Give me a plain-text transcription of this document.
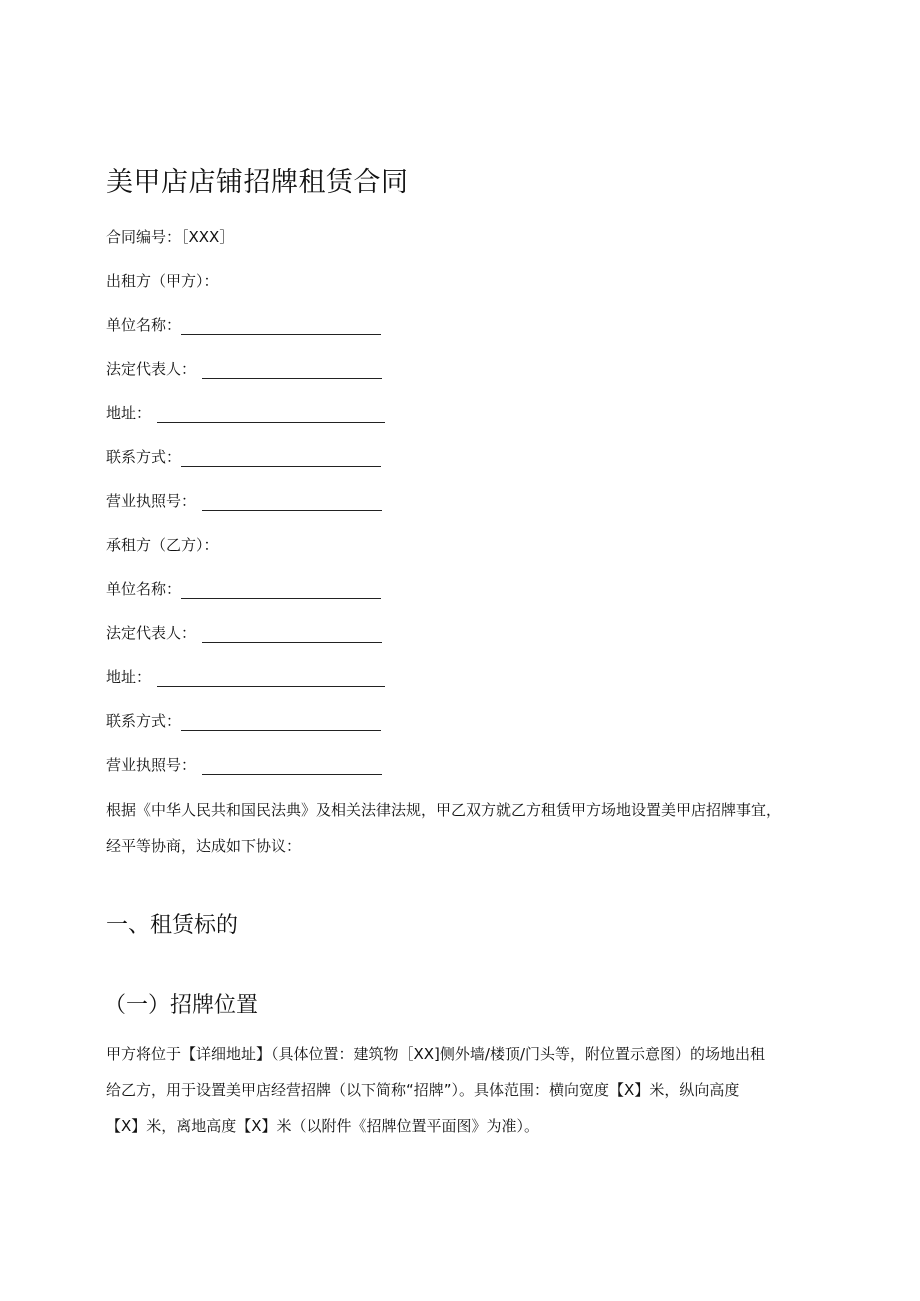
美甲店店铺招牌租赁合同
合同编号：［XXX］
出租方（甲方）：
单位名称：
法定代表人：
地址：
联系方式：
营业执照号：
承租方（乙方）：
单位名称：
法定代表人：
地址：
联系方式：
营业执照号：
根据《中华人民共和国民法典》及相关法律法规，甲乙双方就乙方租赁甲方场地设置美甲店招牌事宜，
经平等协商，达成如下协议：
一、租赁标的
（一）招牌位置
甲方将位于【详细地址】（具体位置：建筑物［XX]侧外墙/楼顶/门头等，附位置示意图）的场地出租
给乙方，用于设置美甲店经营招牌（以下简称“招牌”）。具体范围：横向宽度【X】米，纵向高度
【X】米，离地高度【X】米（以附件《招牌位置平面图》为准）。
